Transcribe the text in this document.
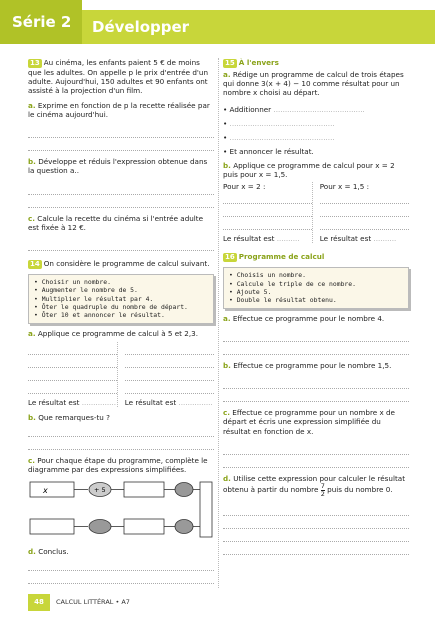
Série 2	Développer

13 Au cinéma, les enfants paient 5 € de moins que les adultes. On appelle p le prix d'entrée d'un adulte. Aujourd'hui, 150 adultes et 90 enfants ont assisté à la projection d'un film.

a. Exprime en fonction de p la recette réalisée par le cinéma aujourd'hui.

b. Développe et réduis l'expression obtenue dans la question a..

c. Calcule la recette du cinéma si l'entrée adulte est fixée à 12 €.

14 On considère le programme de calcul suivant.

• Choisir un nombre.
• Augmenter le nombre de 5.
• Multiplier le résultat par 4.
• Ôter le quadruple du nombre de départ.
• Ôter 10 et annoncer le résultat.

a. Applique ce programme de calcul à 5 et 2,3.

Le résultat est ............... Le résultat est ...............

b. Que remarques-tu ?

c. Pour chaque étape du programme, complète le diagramme par des expressions simplifiées.

x	+ 5

d. Conclus.

15 À l'envers

a. Rédige un programme de calcul de trois étapes qui donne 3(x + 4) − 10 comme résultat pour un nombre x choisi au départ.

• Additionner ........................................
• ..............................................
• ..............................................
• Et annoncer le résultat.

b. Applique ce programme de calcul pour x = 2 puis pour x = 1,5.

Pour x = 2 :
Le résultat est ..........
Pour x = 1,5 :
Le résultat est ..........

16 Programme de calcul

• Choisis un nombre.
• Calcule le triple de ce nombre.
• Ajoute 5.
• Double le résultat obtenu.

a. Effectue ce programme pour le nombre 4.

b. Effectue ce programme pour le nombre 1,5.

c. Effectue ce programme pour un nombre x de départ et écris une expression simplifiée du résultat en fonction de x.

d. Utilise cette expression pour calculer le résultat obtenu à partir du nombre $\frac{7}{2}$ puis du nombre 0.

48	CALCUL LITTÉRAL • A7
